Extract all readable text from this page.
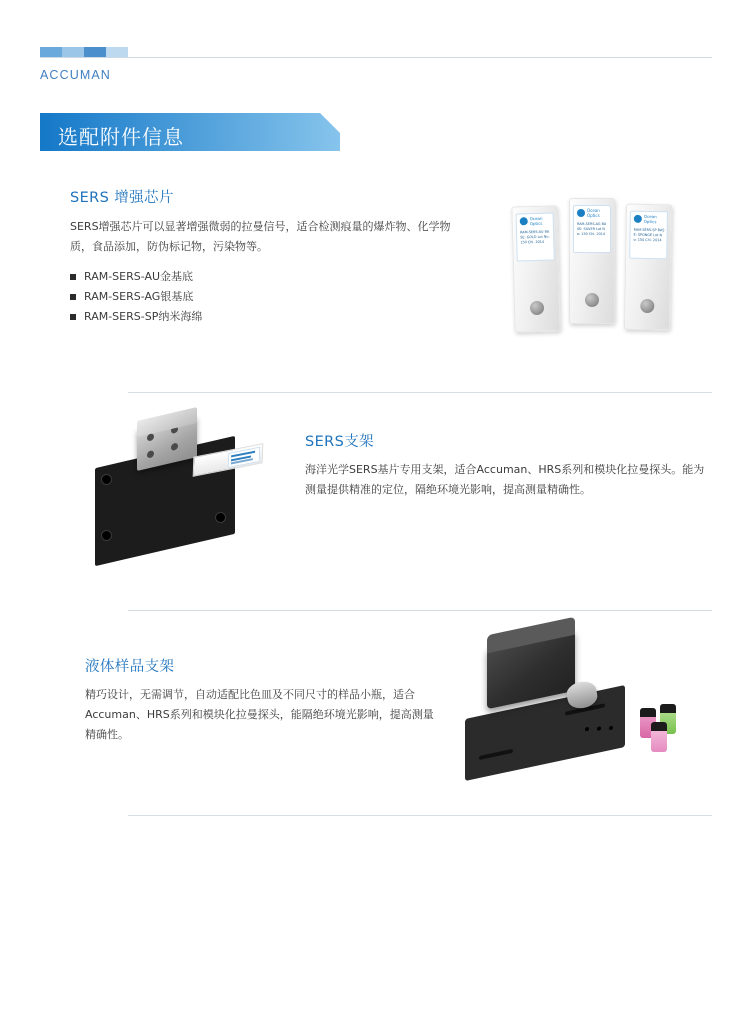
ACCUMAN
选配附件信息
SERS 增强芯片
SERS增强芯片可以显著增强微弱的拉曼信号，适合检测痕量的爆炸物、化学物质，食品添加，防伪标记物，污染物等。
RAM-SERS-AU金基底
RAM-SERS-AG银基底
RAM-SERS-SP纳米海绵
Ocean Optics
RAM-SERS-AU BASE: GOLD Lot No: 150 Chi. 2014
Ocean Optics
RAM-SERS-AG BASE: SILVER Lot No: 150 Chi. 2014
Ocean Optics
RAM-SERS-SP BASE: SPONGE Lot No: 150 Chi. 2014
SERS支架
海洋光学SERS基片专用支架，适合Accuman、HRS系列和模块化拉曼探头。能为测量提供精准的定位，隔绝环境光影响，提高测量精确性。
液体样品支架
精巧设计，无需调节，自动适配比色皿及不同尺寸的样品小瓶，适合Accuman、HRS系列和模块化拉曼探头，能隔绝环境光影响，提高测量精确性。
